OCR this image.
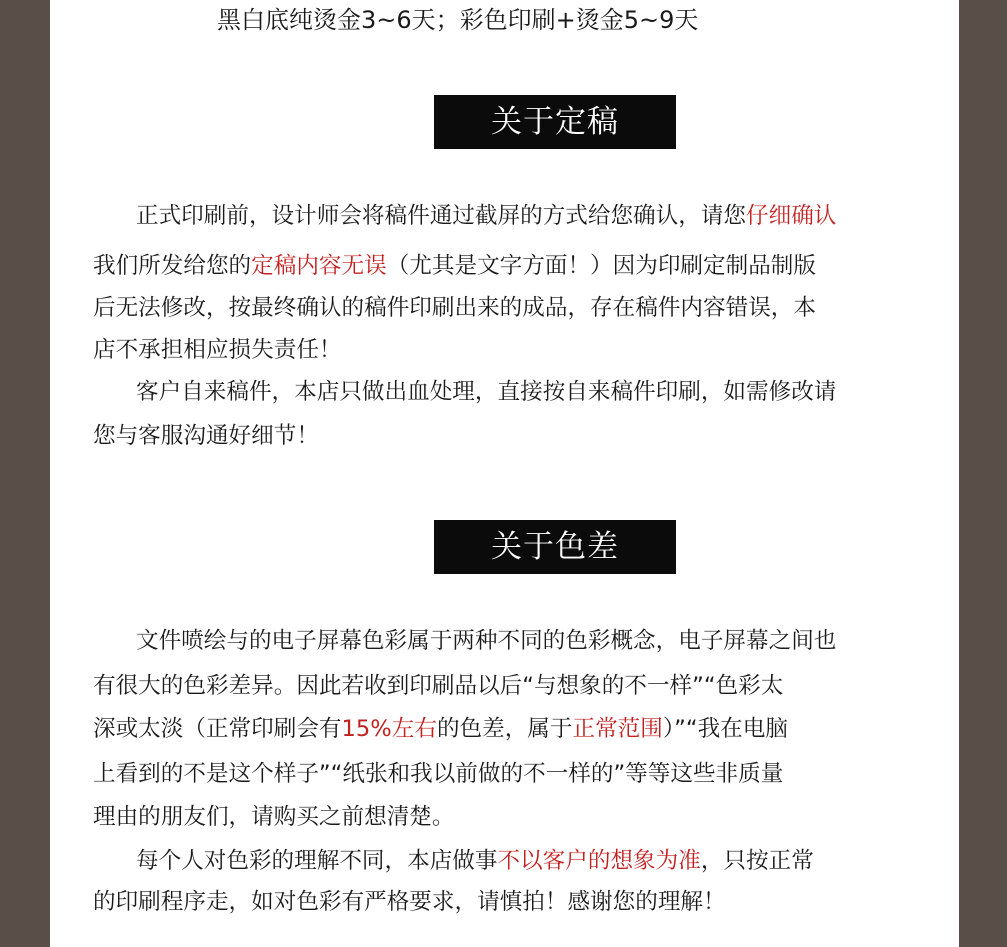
黑白底纯烫金3~6天；彩色印刷+烫金5~9天
关于定稿
正式印刷前，设计师会将稿件通过截屏的方式给您确认，请您仔细确认
我们所发给您的定稿内容无误（尤其是文字方面！）因为印刷定制品制版
后无法修改，按最终确认的稿件印刷出来的成品，存在稿件内容错误，本
店不承担相应损失责任！
客户自来稿件，本店只做出血处理，直接按自来稿件印刷，如需修改请
您与客服沟通好细节！
关于色差
文件喷绘与的电子屏幕色彩属于两种不同的色彩概念，电子屏幕之间也
有很大的色彩差异。因此若收到印刷品以后“与想象的不一样”“色彩太
深或太淡（正常印刷会有15%左右的色差，属于正常范围）”“我在电脑
上看到的不是这个样子”“纸张和我以前做的不一样的”等等这些非质量
理由的朋友们，请购买之前想清楚。
每个人对色彩的理解不同，本店做事不以客户的想象为准，只按正常
的印刷程序走，如对色彩有严格要求，请慎拍！感谢您的理解！
